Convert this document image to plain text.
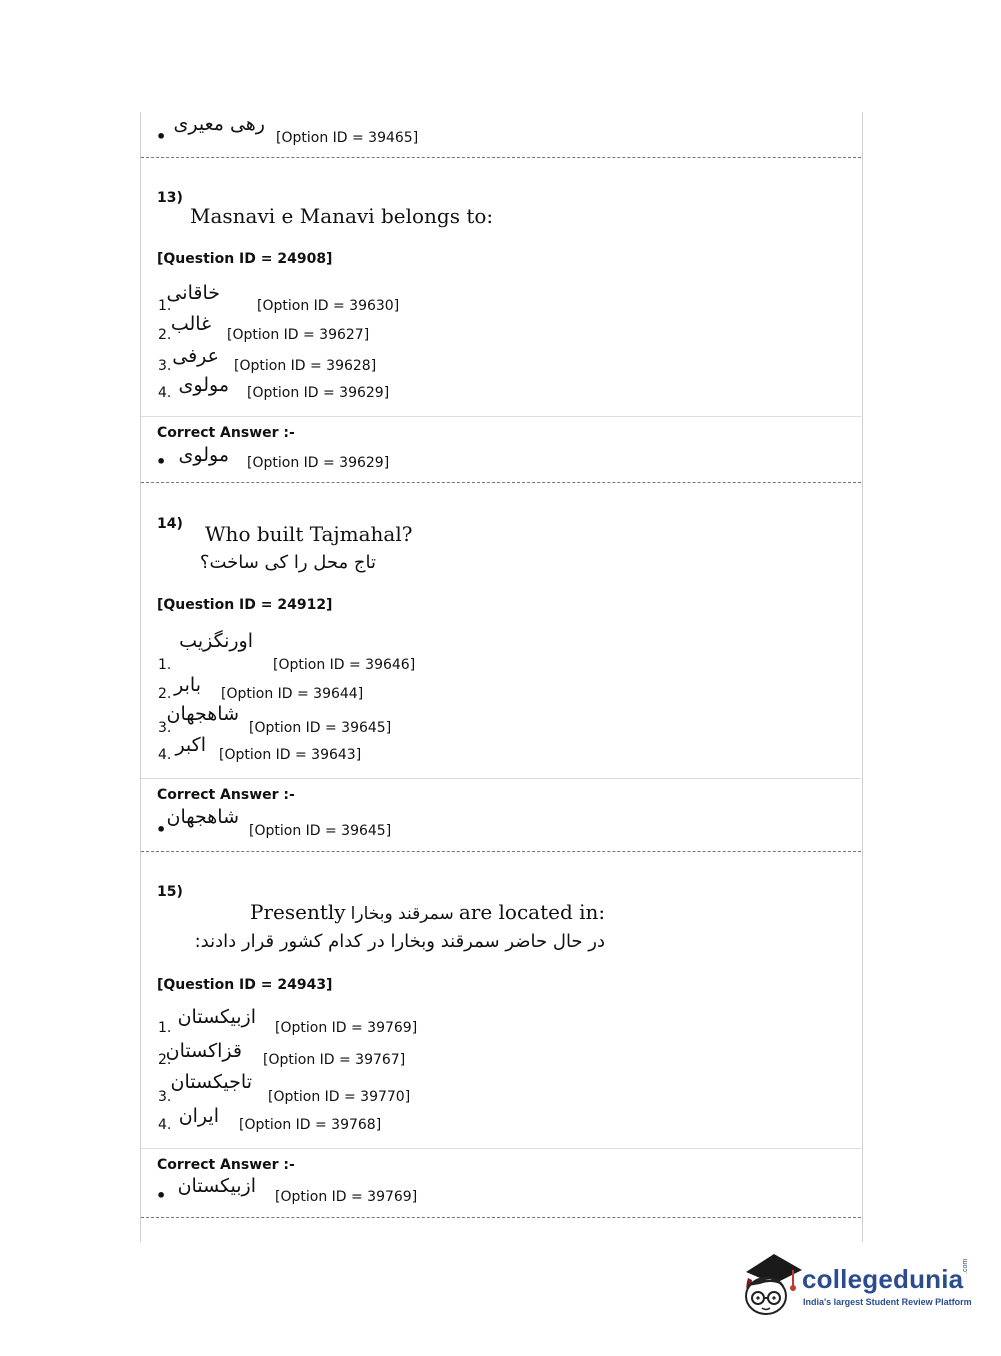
رهی معیری
•	[Option ID = 39465]
13)
Masnavi e Manavi belongs to:
[Question ID = 24908]
1.
خاقانی
[Option ID = 39630]
2. غالب [Option ID = 39627]
3. عرفی [Option ID = 39628]
4. مولوی [Option ID = 39629]
Correct Answer :-
• مولوی [Option ID = 39629]
14) Who built Tajmahal?
تاج محل را کی ساخت؟
[Question ID = 24912]
1.
اورنگزیب
[Option ID = 39646]
2. بابر [Option ID = 39644]
3.
شاهجهان
[Option ID = 39645]
4. اکبر [Option ID = 39643]
Correct Answer :-
•
شاهجهان
[Option ID = 39645]
15)
Presently سمرقند وبخارا are located in:
در حال حاضر سمرقند وبخارا در کدام کشور قرار دادند:
[Question ID = 24943]
1. ازبیکستان [Option ID = 39769]
2.
قزاکستان [Option ID = 39767]
3.
تاجیکستان
[Option ID = 39770]
4. ایران [Option ID = 39768]
Correct Answer :-
• ازبیکستان [Option ID = 39769]
collegedunia
.com
India's largest Student Review Platform
